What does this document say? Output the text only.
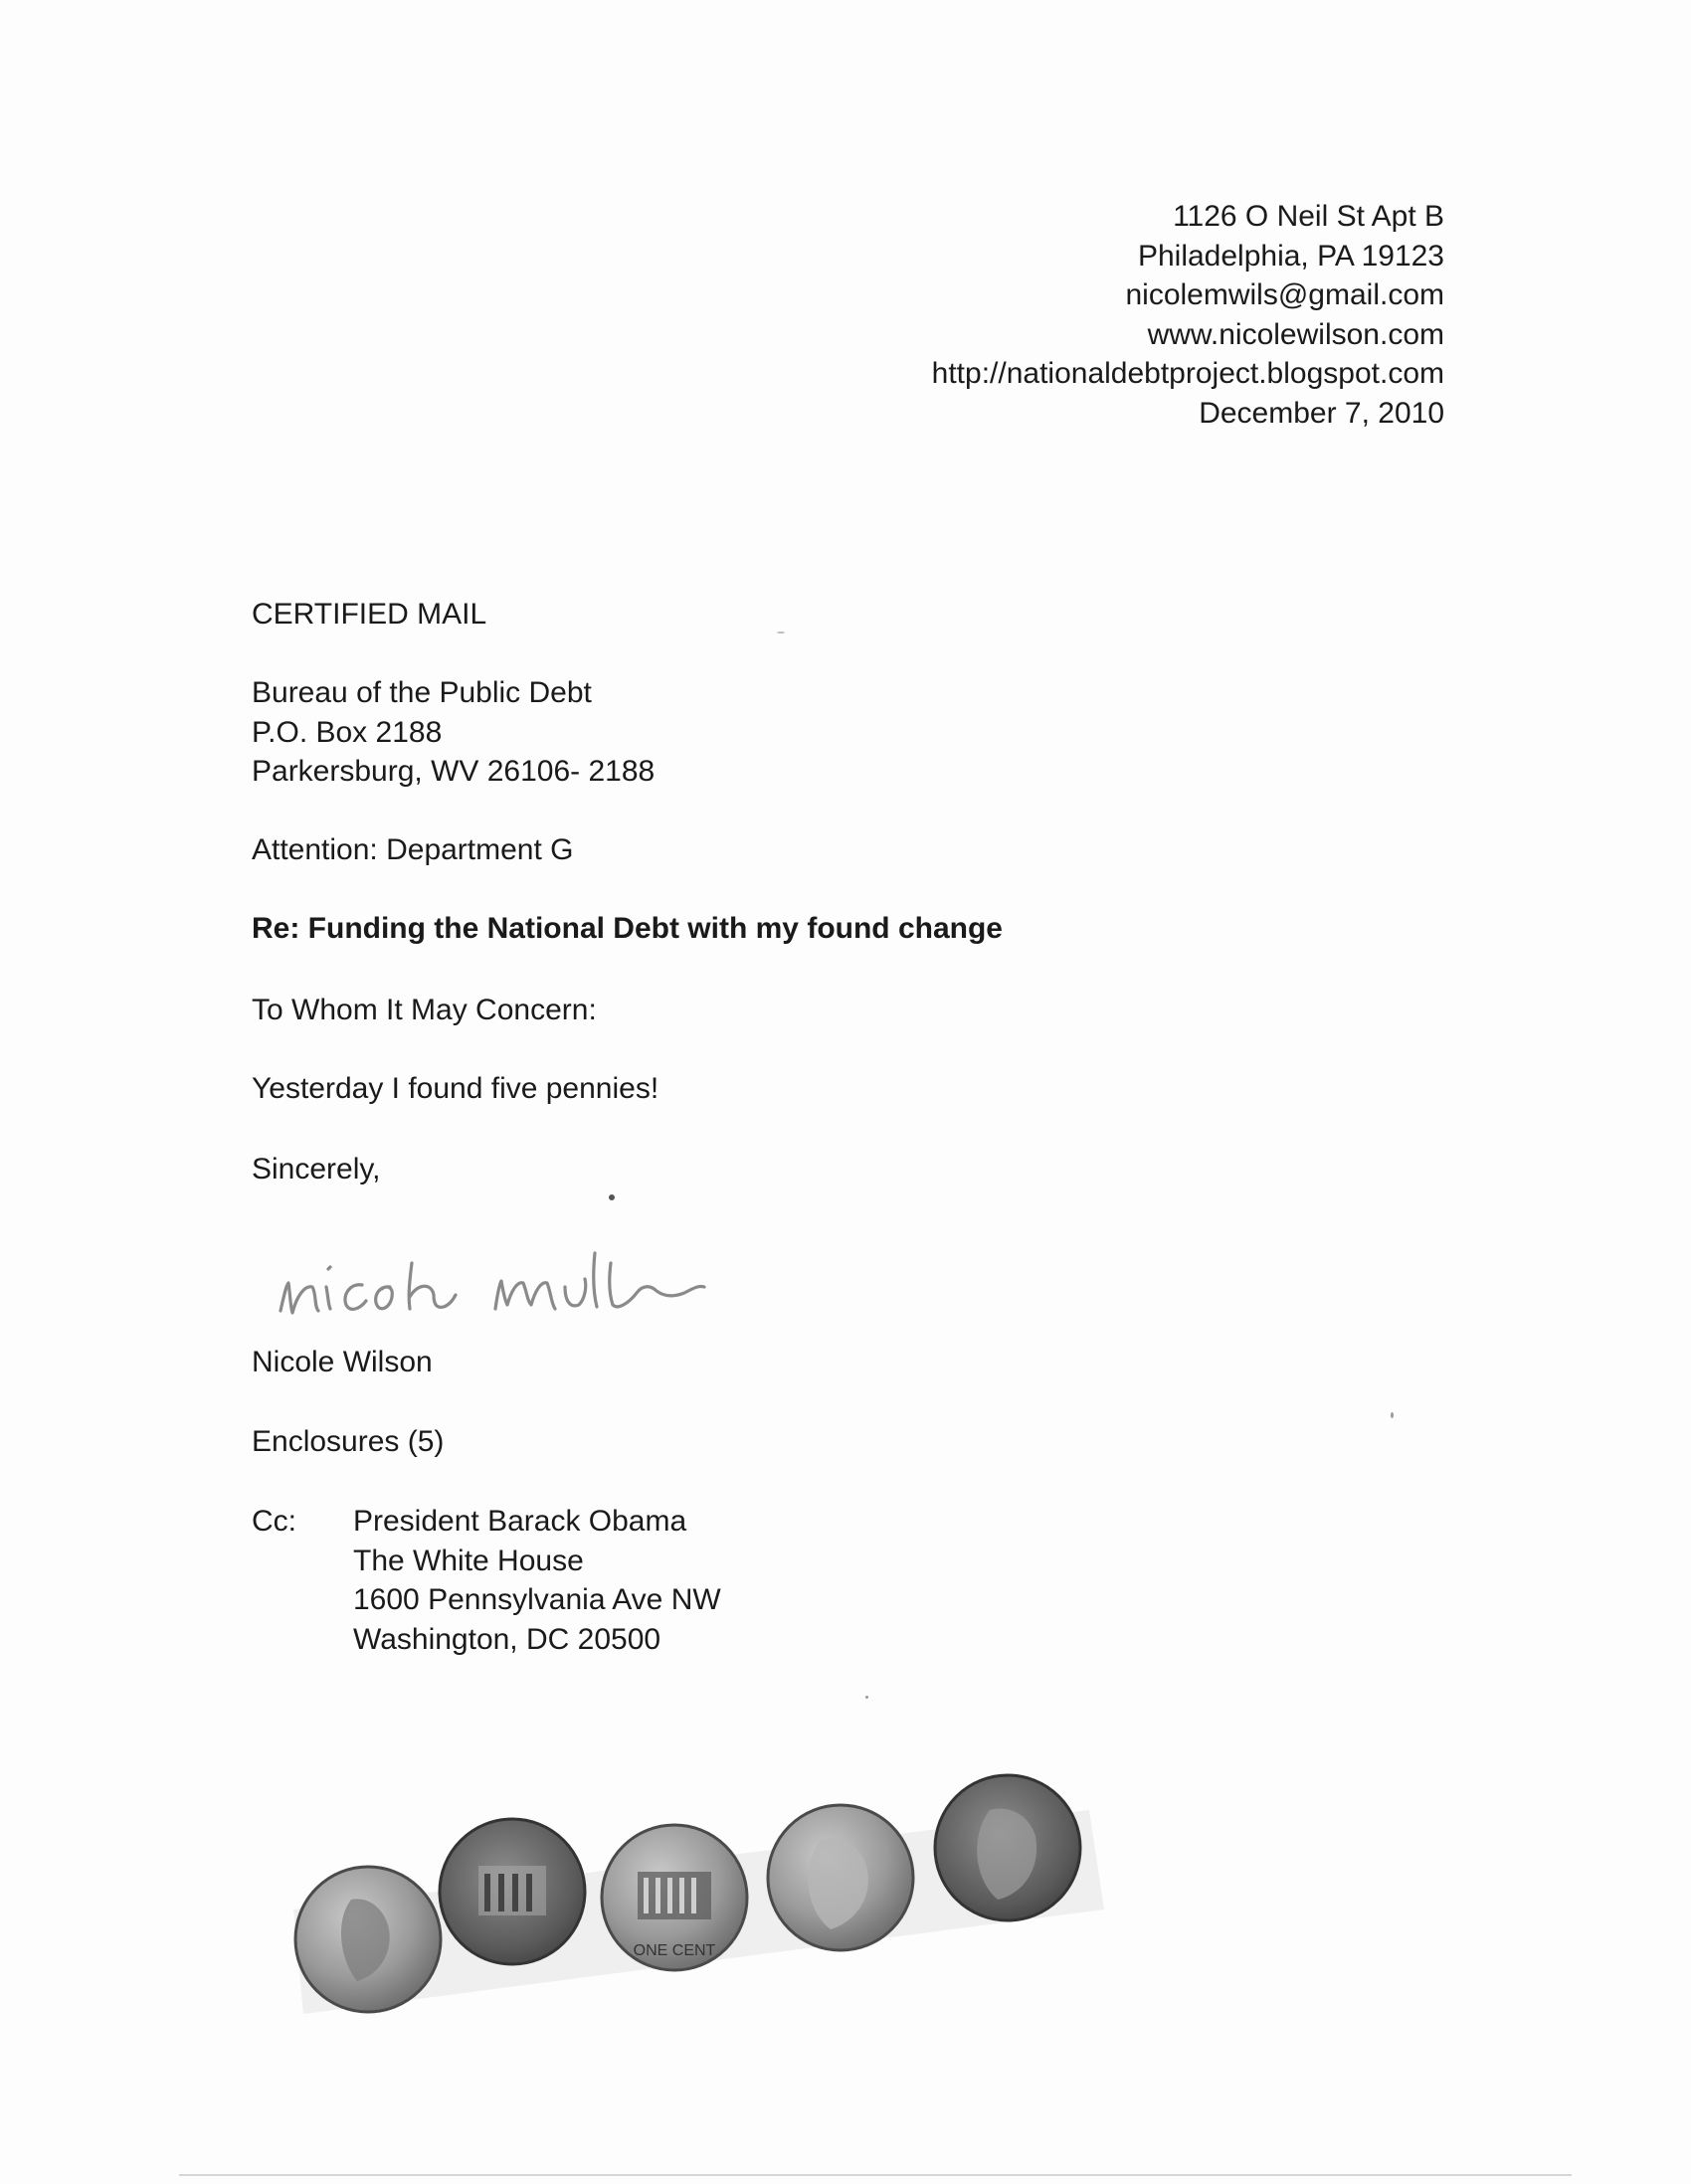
1126 O Neil St Apt B
Philadelphia, PA 19123
nicolemwils@gmail.com
www.nicolewilson.com
http://nationaldebtproject.blogspot.com
December 7, 2010
CERTIFIED MAIL
Bureau of the Public Debt
P.O. Box 2188
Parkersburg, WV 26106- 2188
Attention: Department G
Re: Funding the National Debt with my found change
To Whom It May Concern:
Yesterday I found five pennies!
Sincerely,
Nicole Wilson
Enclosures (5)
Cc: President Barack Obama
The White House
1600 Pennsylvania Ave NW
Washington, DC 20500
ONE CENT
